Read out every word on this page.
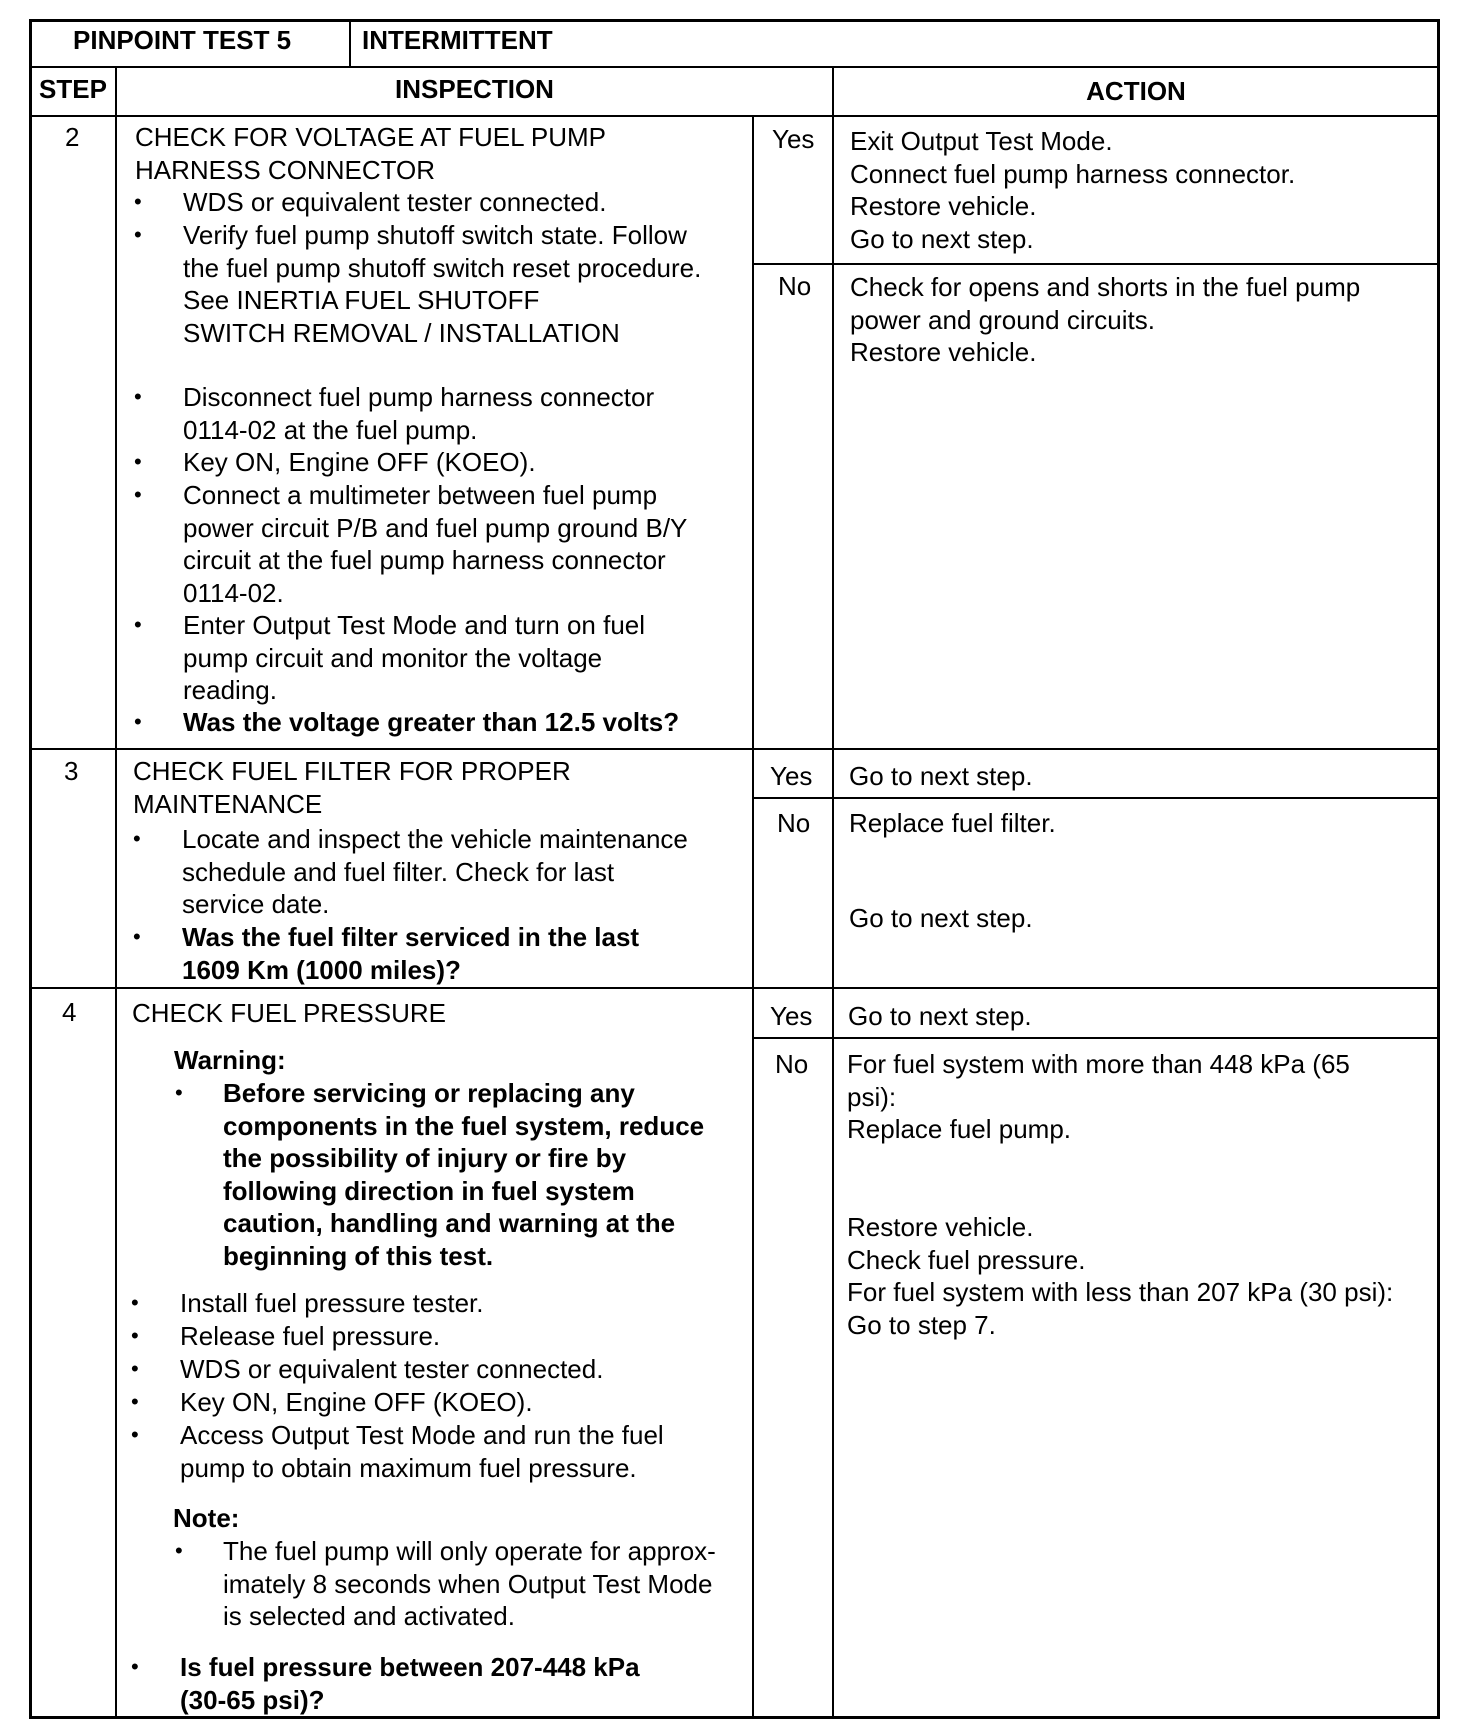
PINPOINT TEST 5	INTERMITTENT
STEP	INSPECTION	ACTION
2 CHECK FOR VOLTAGE AT FUEL PUMP
HARNESS CONNECTOR
• WDS or equivalent tester connected.
• Verify fuel pump shutoff switch state. Follow
the fuel pump shutoff switch reset procedure.
See INERTIA FUEL SHUTOFF
SWITCH REMOVAL / INSTALLATION
• Disconnect fuel pump harness connector
0114-02 at the fuel pump.
• Key ON, Engine OFF (KOEO).
• Connect a multimeter between fuel pump
power circuit P/B and fuel pump ground B/Y
circuit at the fuel pump harness connector
0114-02.
• Enter Output Test Mode and turn on fuel
pump circuit and monitor the voltage
reading.
• Was the voltage greater than 12.5 volts?
Yes Exit Output Test Mode.
Connect fuel pump harness connector.
Restore vehicle.
Go to next step.
No Check for opens and shorts in the fuel pump
power and ground circuits.
Restore vehicle.
3 CHECK FUEL FILTER FOR PROPER
MAINTENANCE
• Locate and inspect the vehicle maintenance
schedule and fuel filter. Check for last
service date.
• Was the fuel filter serviced in the last
1609 Km (1000 miles)?
Yes Go to next step.
No Replace fuel filter.
Go to next step.
4 CHECK FUEL PRESSURE
Warning:
• Before servicing or replacing any
components in the fuel system, reduce
the possibility of injury or fire by
following direction in fuel system
caution, handling and warning at the
beginning of this test.
• Install fuel pressure tester.
• Release fuel pressure.
• WDS or equivalent tester connected.
• Key ON, Engine OFF (KOEO).
• Access Output Test Mode and run the fuel
pump to obtain maximum fuel pressure.
Note:
• The fuel pump will only operate for approx-
imately 8 seconds when Output Test Mode
is selected and activated.
• Is fuel pressure between 207-448 kPa
(30-65 psi)?
Yes Go to next step.
No For fuel system with more than 448 kPa (65
psi):
Replace fuel pump.
Restore vehicle.
Check fuel pressure.
For fuel system with less than 207 kPa (30 psi):
Go to step 7.
